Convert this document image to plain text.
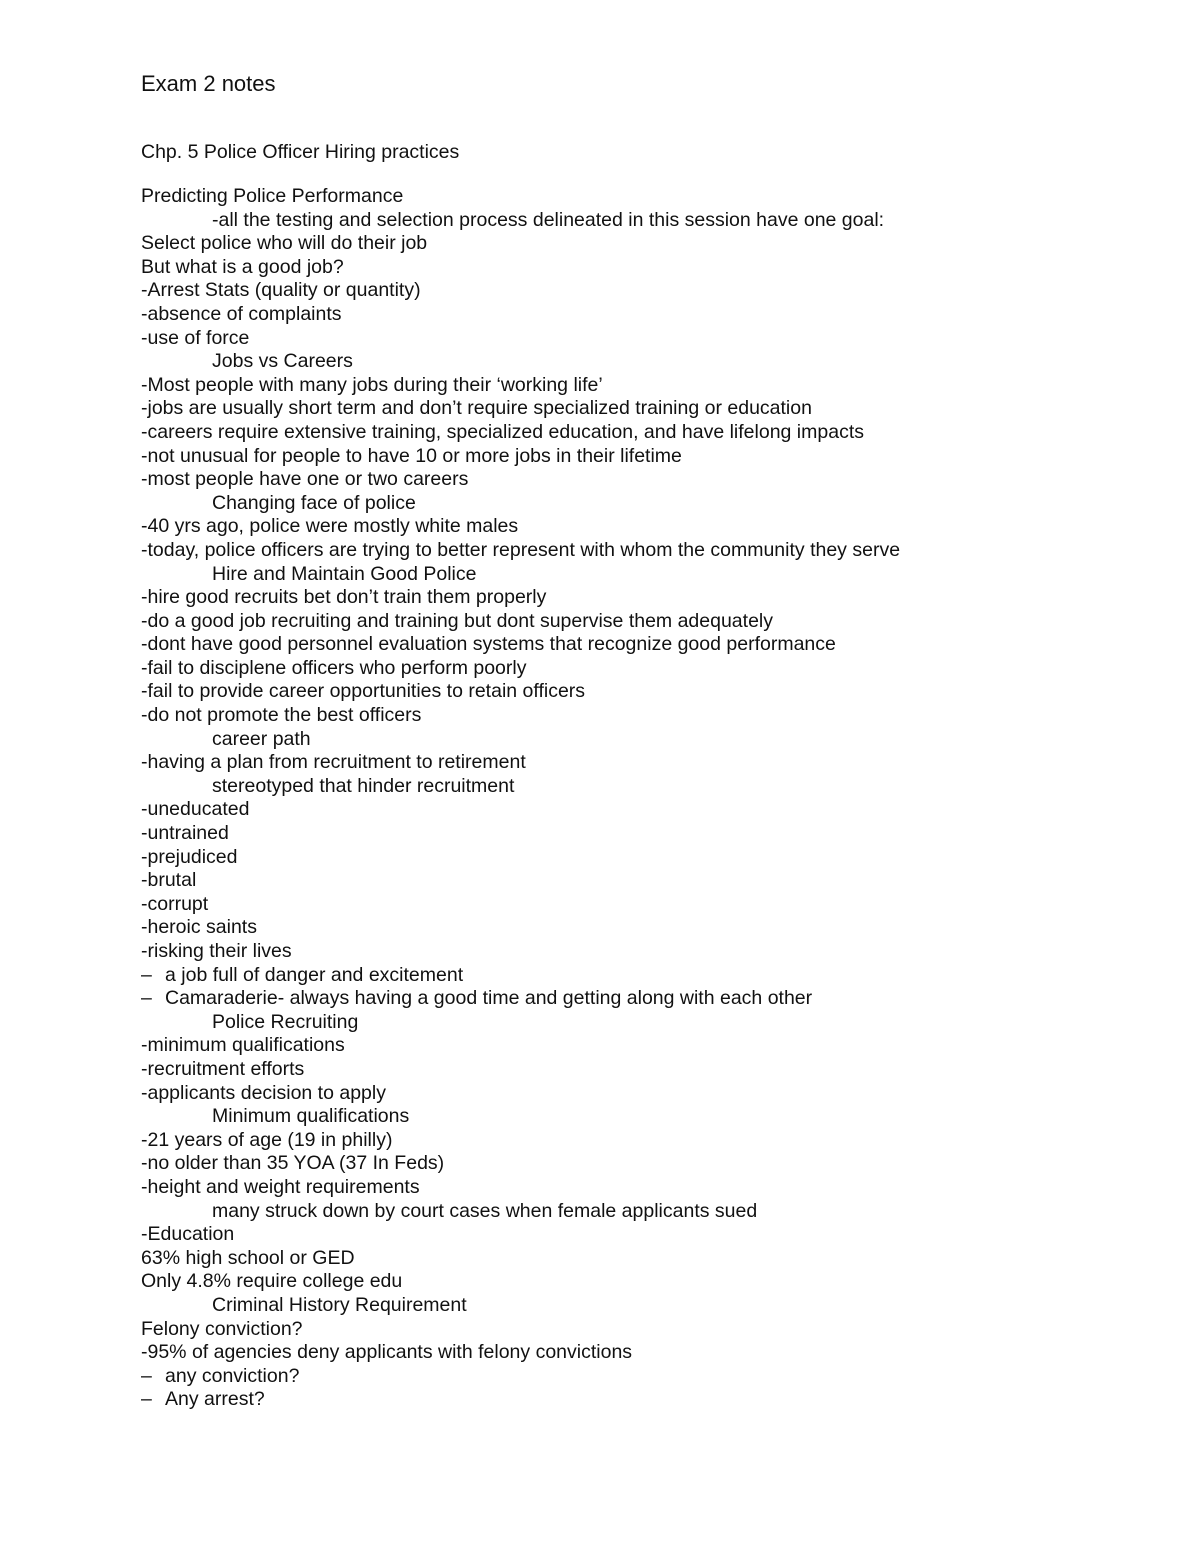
Exam 2 notes
Chp. 5 Police Officer Hiring practices
Predicting Police Performance
-all the testing and selection process delineated in this session have one goal:
Select police who will do their job
But what is a good job?
-Arrest Stats (quality or quantity)
-absence of complaints
-use of force
Jobs vs Careers
-Most people with many jobs during their ‘working life’
-jobs are usually short term and don’t require specialized training or education
-careers require extensive training, specialized education, and have lifelong impacts
-not unusual for people to have 10 or more jobs in their lifetime
-most people have one or two careers
Changing face of police
-40 yrs ago, police were mostly white males
-today, police officers are trying to better represent with whom the community they serve
Hire and Maintain Good Police
-hire good recruits bet don’t train them properly
-do a good job recruiting and training but dont supervise them adequately
-dont have good personnel evaluation systems that recognize good performance
-fail to disciplene officers who perform poorly
-fail to provide career opportunities to retain officers
-do not promote the best officers
career path
-having a plan from recruitment to retirement
stereotyped that hinder recruitment
-uneducated
-untrained
-prejudiced
-brutal
-corrupt
-heroic saints
-risking their lives
– a job full of danger and excitement
– Camaraderie- always having a good time and getting along with each other
Police Recruiting
-minimum qualifications
-recruitment efforts
-applicants decision to apply
Minimum qualifications
-21 years of age (19 in philly)
-no older than 35 YOA (37 In Feds)
-height and weight requirements
many struck down by court cases when female applicants sued
-Education
63% high school or GED
Only 4.8% require college edu
Criminal History Requirement
Felony conviction?
-95% of agencies deny applicants with felony convictions
– any conviction?
– Any arrest?
